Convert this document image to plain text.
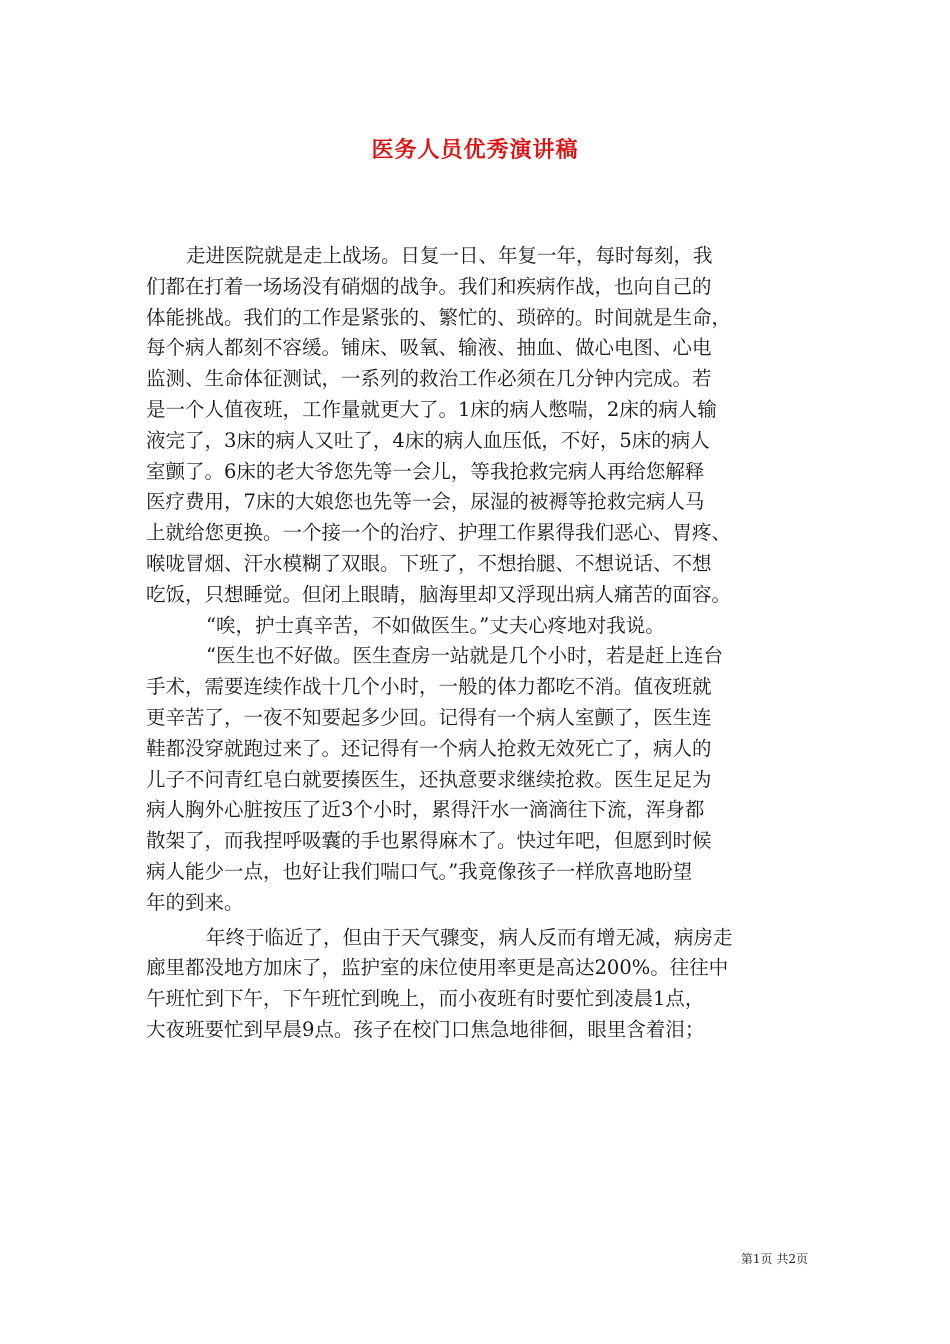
医务人员优秀演讲稿
走进医院就是走上战场。日复一日、年复一年，每时每刻，我
们都在打着一场场没有硝烟的战争。我们和疾病作战，也向自己的
体能挑战。我们的工作是紧张的、繁忙的、琐碎的。时间就是生命，
每个病人都刻不容缓。铺床、吸氧、输液、抽血、做心电图、心电
监测、生命体征测试，一系列的救治工作必须在几分钟内完成。若
是一个人值夜班，工作量就更大了。1床的病人憋喘，2床的病人输
液完了，3床的病人又吐了，4床的病人血压低，不好，5床的病人
室颤了。6床的老大爷您先等一会儿，等我抢救完病人再给您解释
医疗费用，7床的大娘您也先等一会，尿湿的被褥等抢救完病人马
上就给您更换。一个接一个的治疗、护理工作累得我们恶心、胃疼、
喉咙冒烟、汗水模糊了双眼。下班了，不想抬腿、不想说话、不想
吃饭，只想睡觉。但闭上眼睛，脑海里却又浮现出病人痛苦的面容。
“唉，护士真辛苦，不如做医生。”丈夫心疼地对我说。
“医生也不好做。医生查房一站就是几个小时，若是赶上连台
手术，需要连续作战十几个小时，一般的体力都吃不消。值夜班就
更辛苦了，一夜不知要起多少回。记得有一个病人室颤了，医生连
鞋都没穿就跑过来了。还记得有一个病人抢救无效死亡了，病人的
儿子不问青红皂白就要揍医生，还执意要求继续抢救。医生足足为
病人胸外心脏按压了近3个小时，累得汗水一滴滴往下流，浑身都
散架了，而我捏呼吸囊的手也累得麻木了。快过年吧，但愿到时候
病人能少一点，也好让我们喘口气。”我竟像孩子一样欣喜地盼望
年的到来。
年终于临近了，但由于天气骤变，病人反而有增无减，病房走
廊里都没地方加床了，监护室的床位使用率更是高达200%。往往中
午班忙到下午，下午班忙到晚上，而小夜班有时要忙到凌晨1点，
大夜班要忙到早晨9点。孩子在校门口焦急地徘徊，眼里含着泪；
第1页 共2页
